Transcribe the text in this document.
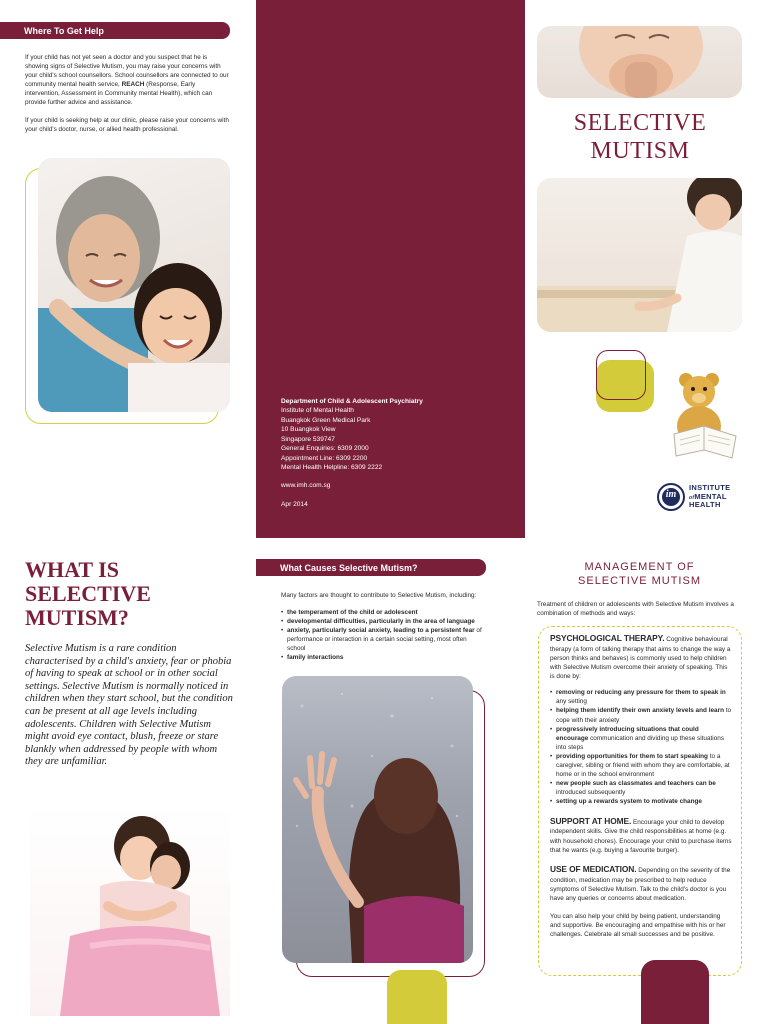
Where To Get Help
If your child has not yet seen a doctor and you suspect that he is showing signs of Selective Mutism, you may raise your concerns with your child's school counsellors. School counsellors are connected to our community mental health service, REACH (Response, Early intervention, Assessment in Community mental Health), which can provide further advice and assistance.
If your child is seeking help at our clinic, please raise your concerns with your child's doctor, nurse, or allied health professional.
Department of Child & Adolescent Psychiatry
Institute of Mental Health
Buangkok Green Medical Park
10 Buangkok View
Singapore 539747
General Enquiries: 6309 2000
Appointment Line: 6309 2200
Mental Health Helpline: 6309 2222
www.imh.com.sg
Apr 2014
SELECTIVE
MUTISM
im
INSTITUTE
ofMENTAL
HEALTH
WHAT IS
SELECTIVE
MUTISM?
Selective Mutism is a rare condition characterised by a child's anxiety, fear or phobia of having to speak at school or in other social settings. Selective Mutism is normally noticed in children when they start school, but the condition can be present at all age levels including adolescents. Children with Selective Mutism might avoid eye contact, blush, freeze or stare blankly when addressed by people with whom they are unfamiliar.
What Causes Selective Mutism?
Many factors are thought to contribute to Selective Mutism, including:
• the temperament of the child or adolescent
• developmental difficulties, particularly in the area of language
• anxiety, particularly social anxiety, leading to a persistent fear of performance or interaction in a certain social setting, most often school
• family interactions
MANAGEMENT OF
SELECTIVE MUTISM
Treatment of children or adolescents with Selective Mutism involves a combination of methods and ways:
PSYCHOLOGICAL THERAPY. Cognitive behavioural therapy (a form of talking therapy that aims to change the way a person thinks and behaves) is commonly used to help children with Selective Mutism overcome their anxiety of speaking. This is done by:
• removing or reducing any pressure for them to speak in any setting
• helping them identify their own anxiety levels and learn to cope with their anxiety
• progressively introducing situations that could encourage communication and dividing up these situations into steps
• providing opportunities for them to start speaking to a caregiver, sibling or friend with whom they are comfortable, at home or in the school environment
• new people such as classmates and teachers can be introduced subsequently
• setting up a rewards system to motivate change
SUPPORT AT HOME. Encourage your child to develop independent skills. Give the child responsibilities at home (e.g. with household chores). Encourage your child to purchase items that he wants (e.g. buying a favourite burger).
USE OF MEDICATION. Depending on the severity of the condition, medication may be prescribed to help reduce symptoms of Selective Mutism. Talk to the child's doctor is you have any queries or concerns about medication.
You can also help your child by being patient, understanding and supportive. Be encouraging and empathise with his or her challenges. Celebrate all small successes and be positive.
